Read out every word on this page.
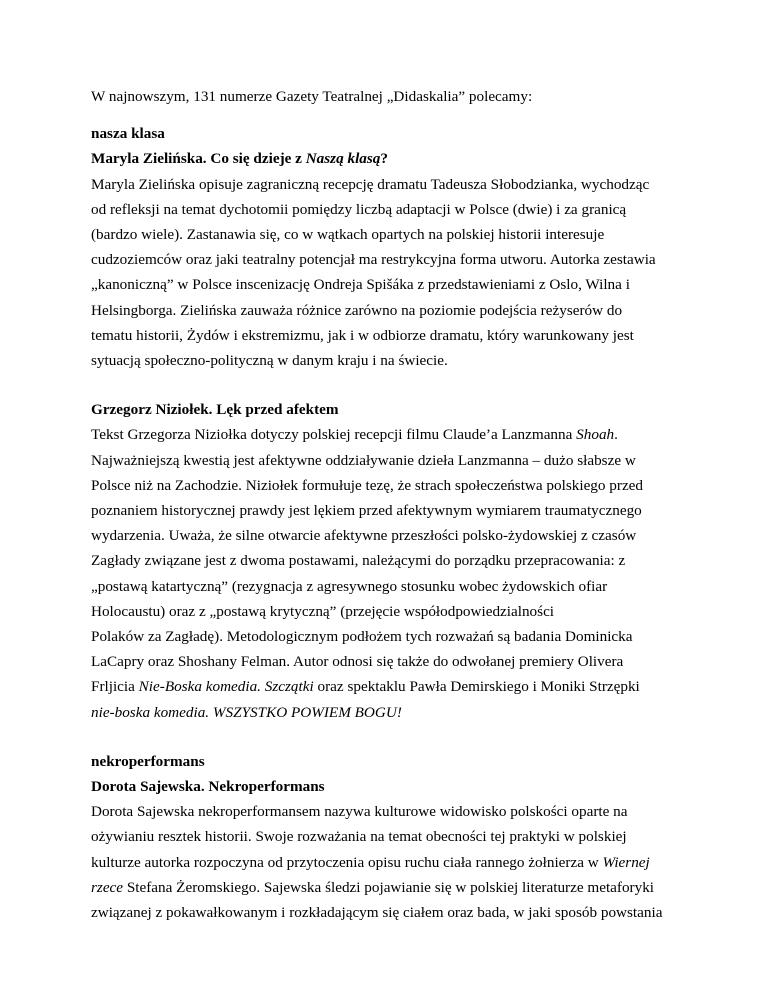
W najnowszym, 131 numerze Gazety Teatralnej „Didaskalia” polecamy:

nasza klasa

Maryla Zielińska. Co się dzieje z Naszą klasą?

Maryla Zielińska opisuje zagraniczną recepcję dramatu Tadeusza Słobodzianka, wychodząc
od refleksji na temat dychotomii pomiędzy liczbą adaptacji w Polsce (dwie) i za granicą
(bardzo wiele). Zastanawia się, co w wątkach opartych na polskiej historii interesuje
cudzoziemców oraz jaki teatralny potencjał ma restrykcyjna forma utworu. Autorka zestawia
„kanoniczną” w Polsce inscenizację Ondreja Spišáka z przedstawieniami z Oslo, Wilna i
Helsingborga. Zielińska zauważa różnice zarówno na poziomie podejścia reżyserów do
tematu historii, Żydów i ekstremizmu, jak i w odbiorze dramatu, który warunkowany jest
sytuacją społeczno-polityczną w danym kraju i na świecie.

Grzegorz Niziołek. Lęk przed afektem

Tekst Grzegorza Niziołka dotyczy polskiej recepcji filmu Claude’a Lanzmanna Shoah.
Najważniejszą kwestią jest afektywne oddziaływanie dzieła Lanzmanna – dużo słabsze w
Polsce niż na Zachodzie. Niziołek formułuje tezę, że strach społeczeństwa polskiego przed
poznaniem historycznej prawdy jest lękiem przed afektywnym wymiarem traumatycznego
wydarzenia. Uważa, że silne otwarcie afektywne przeszłości polsko-żydowskiej z czasów
Zagłady związane jest z dwoma postawami, należącymi do porządku przepracowania: z
„postawą katartyczną” (rezygnacja z agresywnego stosunku wobec żydowskich ofiar
Holocaustu) oraz z „postawą krytyczną” (przejęcie współodpowiedzialności
Polaków za Zagładę). Metodologicznym podłożem tych rozważań są badania Dominicka
LaCapry oraz Shoshany Felman. Autor odnosi się także do odwołanej premiery Olivera
Frljicia Nie-Boska komedia. Szczątki oraz spektaklu Pawła Demirskiego i Moniki Strzępki
nie-boska komedia. WSZYSTKO POWIEM BOGU!

nekroperformans

Dorota Sajewska. Nekroperformans

Dorota Sajewska nekroperformansem nazywa kulturowe widowisko polskości oparte na
ożywianiu resztek historii. Swoje rozważania na temat obecności tej praktyki w polskiej
kulturze autorka rozpoczyna od przytoczenia opisu ruchu ciała rannego żołnierza w Wiernej
rzece Stefana Żeromskiego. Sajewska śledzi pojawianie się w polskiej literaturze metaforyki
związanej z pokawałkowanym i rozkładającym się ciałem oraz bada, w jaki sposób powstania
